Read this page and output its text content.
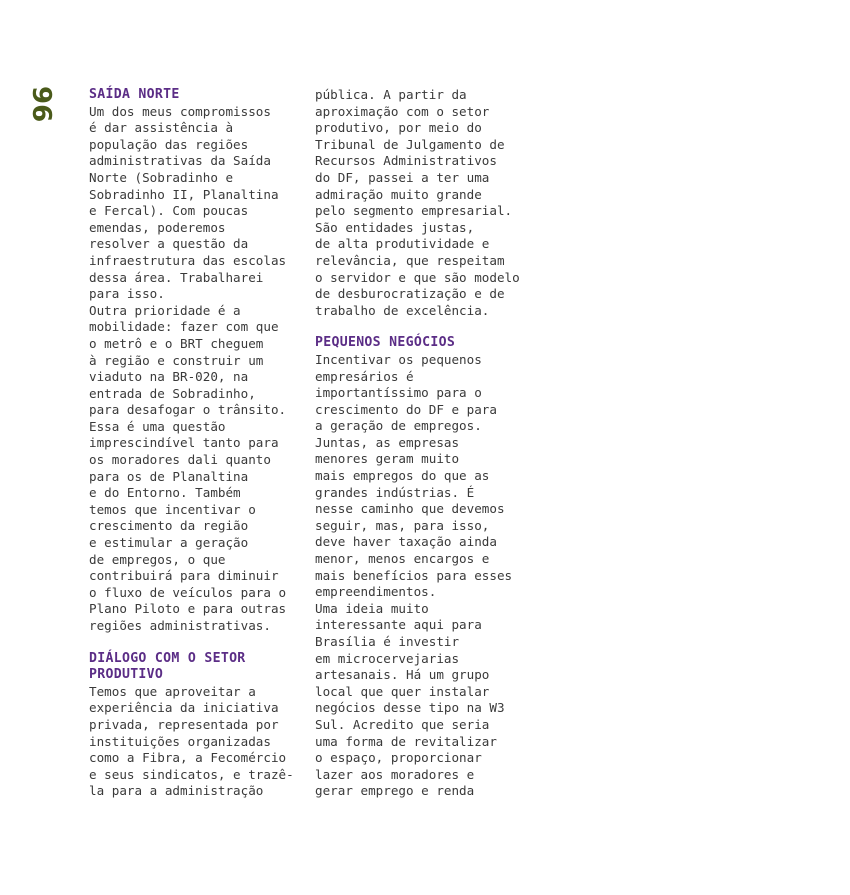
96	SAÍDA NORTE
Um dos meus compromissos
é dar assistência à
população das regiões
administrativas da Saída
Norte (Sobradinho e
Sobradinho II, Planaltina
e Fercal). Com poucas
emendas, poderemos
resolver a questão da
infraestrutura das escolas
dessa área. Trabalharei
para isso.
Outra prioridade é a
mobilidade: fazer com que
o metrô e o BRT cheguem
à região e construir um
viaduto na BR-020, na
entrada de Sobradinho,
para desafogar o trânsito.
Essa é uma questão
imprescindível tanto para
os moradores dali quanto
para os de Planaltina
e do Entorno. Também
temos que incentivar o
crescimento da região
e estimular a geração
de empregos, o que
contribuirá para diminuir
o fluxo de veículos para o
Plano Piloto e para outras
regiões administrativas.
DIÁLOGO COM O SETOR
PRODUTIVO
Temos que aproveitar a
experiência da iniciativa
privada, representada por
instituições organizadas
como a Fibra, a Fecomércio
e seus sindicatos, e trazê-
la para a administração
pública. A partir da
aproximação com o setor
produtivo, por meio do
Tribunal de Julgamento de
Recursos Administrativos
do DF, passei a ter uma
admiração muito grande
pelo segmento empresarial.
São entidades justas,
de alta produtividade e
relevância, que respeitam
o servidor e que são modelo
de desburocratização e de
trabalho de excelência.
PEQUENOS NEGÓCIOS
Incentivar os pequenos
empresários é
importantíssimo para o
crescimento do DF e para
a geração de empregos.
Juntas, as empresas
menores geram muito
mais empregos do que as
grandes indústrias. É
nesse caminho que devemos
seguir, mas, para isso,
deve haver taxação ainda
menor, menos encargos e
mais benefícios para esses
empreendimentos.
Uma ideia muito
interessante aqui para
Brasília é investir
em microcervejarias
artesanais. Há um grupo
local que quer instalar
negócios desse tipo na W3
Sul. Acredito que seria
uma forma de revitalizar
o espaço, proporcionar
lazer aos moradores e
gerar emprego e renda
